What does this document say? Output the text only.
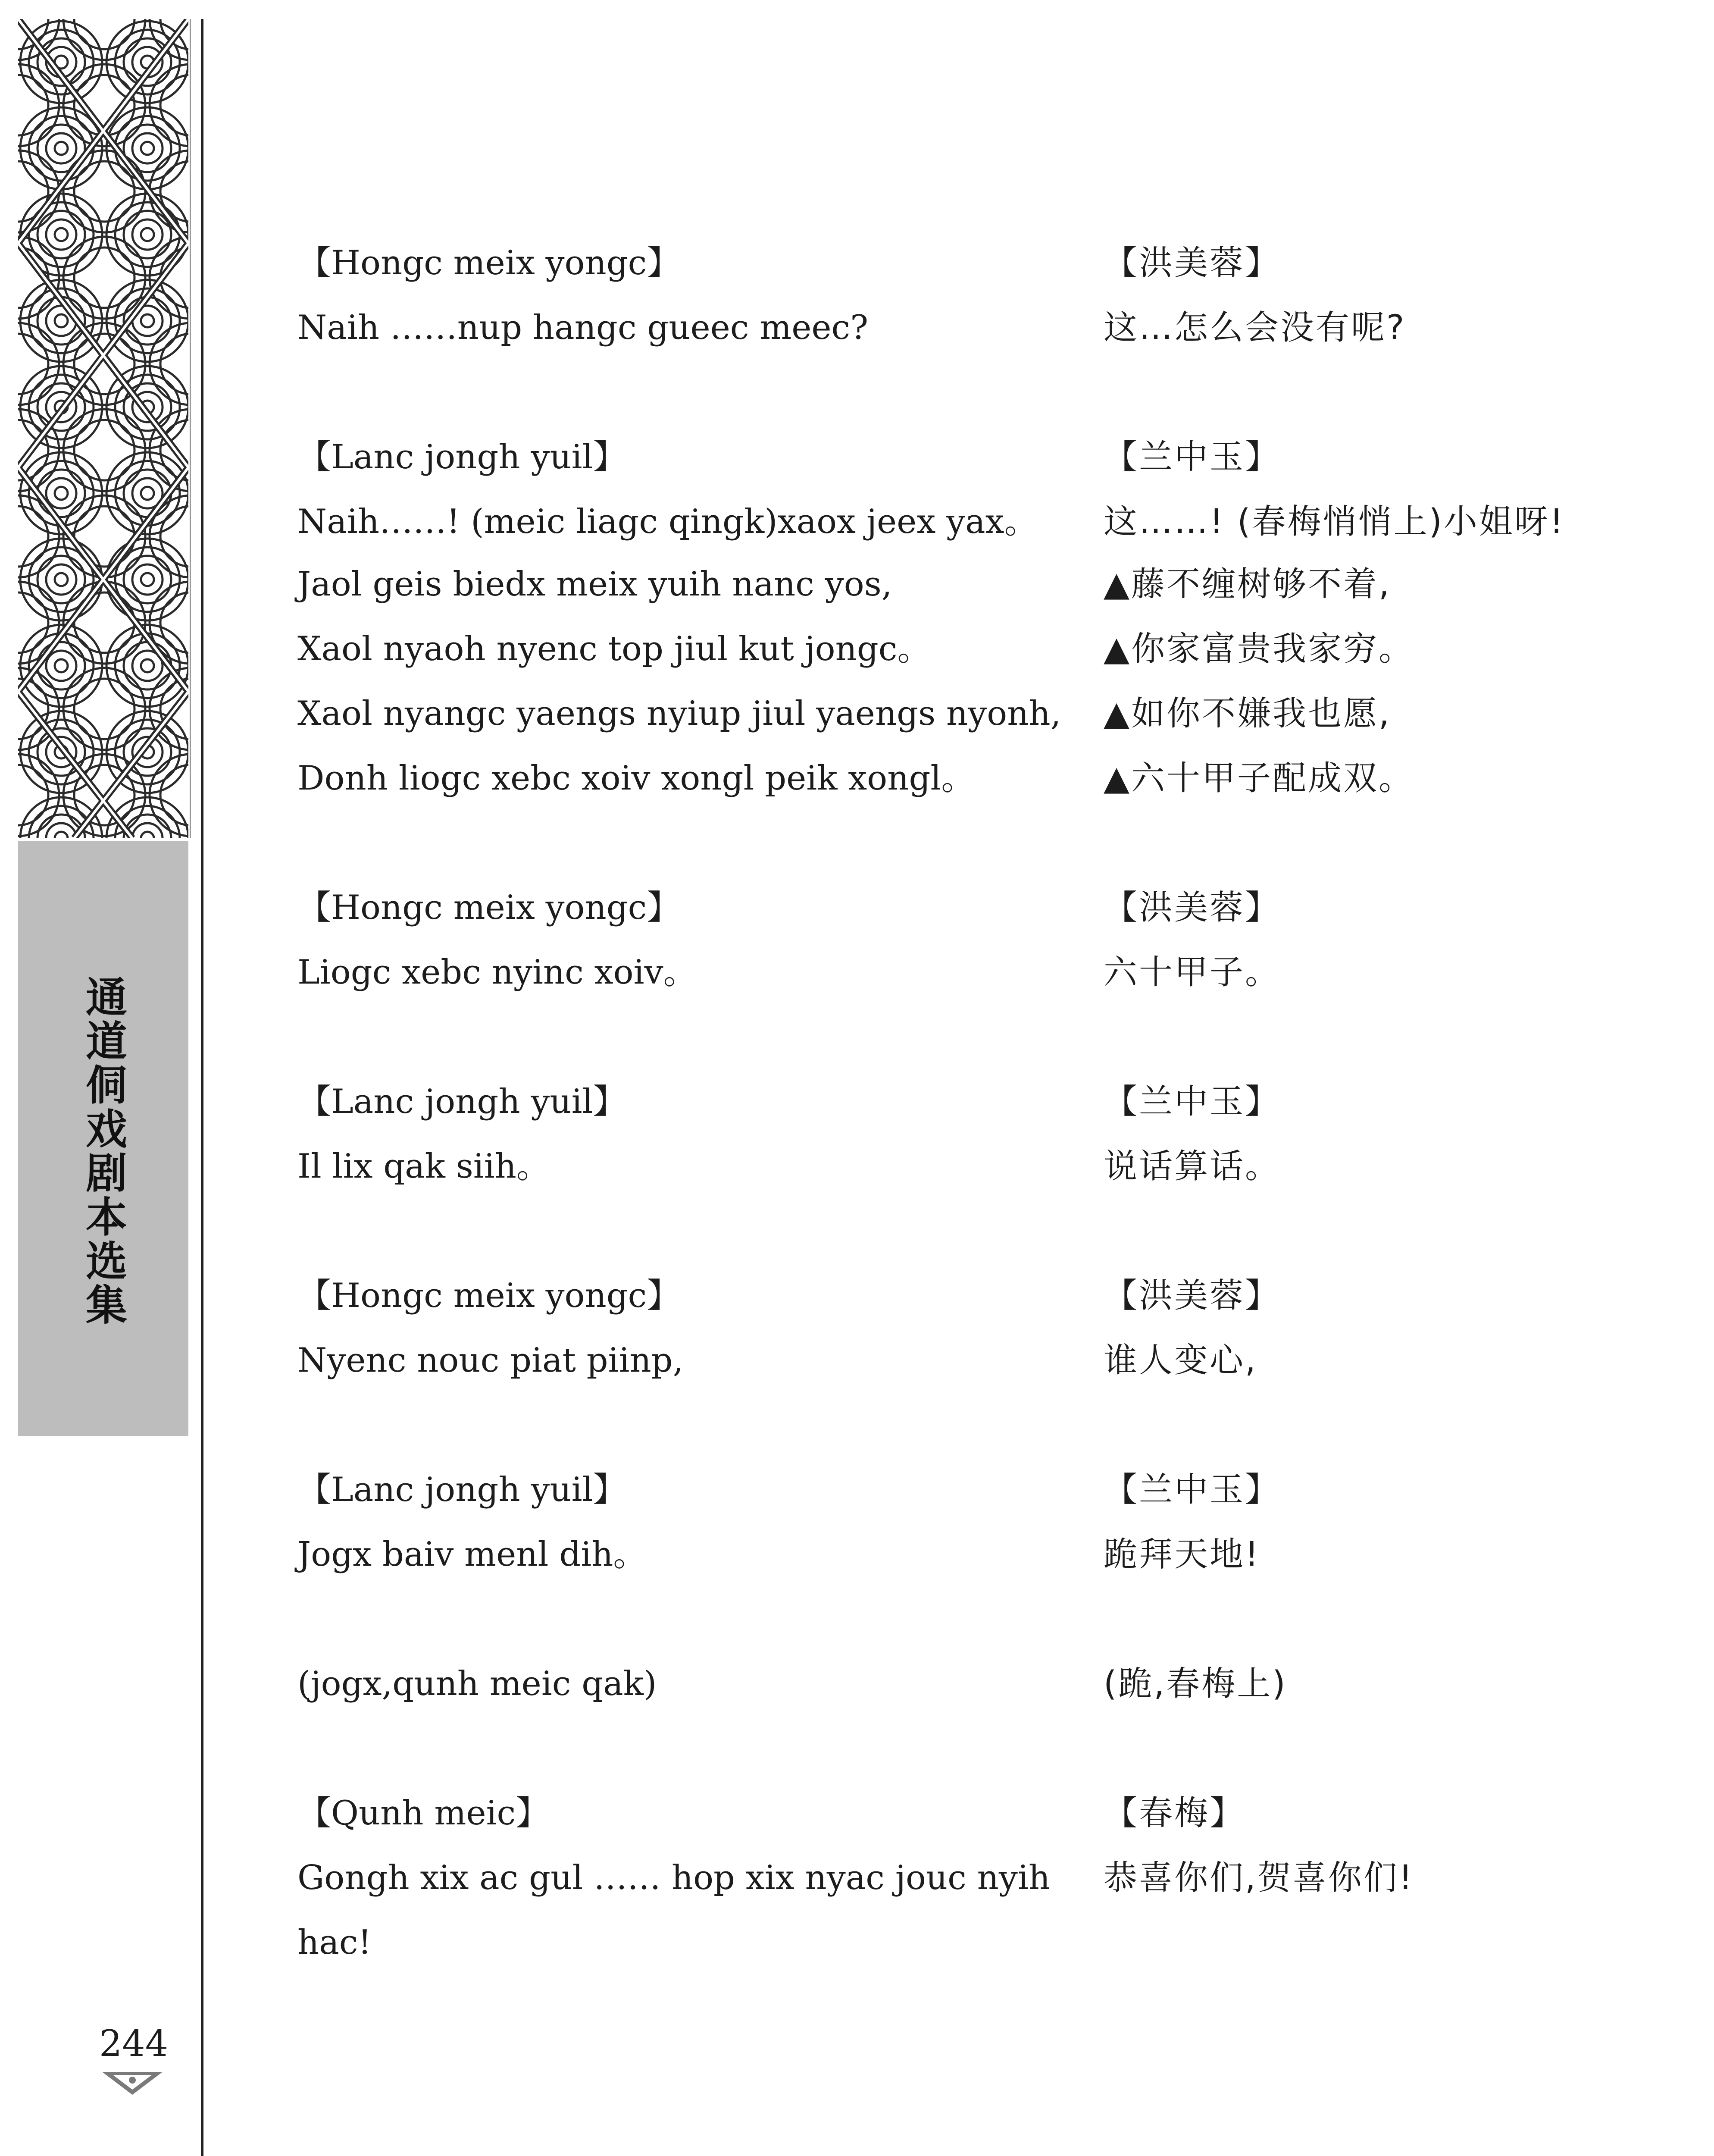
通道侗戏剧本选集
244
【Hongc meix yongc】
Naih ……nup hangc gueec meec?
【Lanc jongh yuil】
Naih……! (meic liagc qingk)xaox jeex yax。
Jaol geis biedx meix yuih nanc yos,
Xaol nyaoh nyenc top jiul kut jongc。
Xaol nyangc yaengs nyiup jiul yaengs nyonh,
Donh liogc xebc xoiv xongl peik xongl。
【Hongc meix yongc】
Liogc xebc nyinc xoiv。
【Lanc jongh yuil】
Il lix qak siih。
【Hongc meix yongc】
Nyenc nouc piat piinp,
【Lanc jongh yuil】
Jogx baiv menl dih。
(jogx,qunh meic qak)
【Qunh meic】
Gongh xix ac gul …… hop xix nyac jouc nyih
hac!
【洪美蓉】
这…怎么会没有呢?
【兰中玉】
这……! (春梅悄悄上)小姐呀!
▲藤不缠树够不着,
▲你家富贵我家穷。
▲如你不嫌我也愿,
▲六十甲子配成双。
【洪美蓉】
六十甲子。
【兰中玉】
说话算话。
【洪美蓉】
谁人变心,
【兰中玉】
跪拜天地!
(跪,春梅上)
【春梅】
恭喜你们,贺喜你们!
